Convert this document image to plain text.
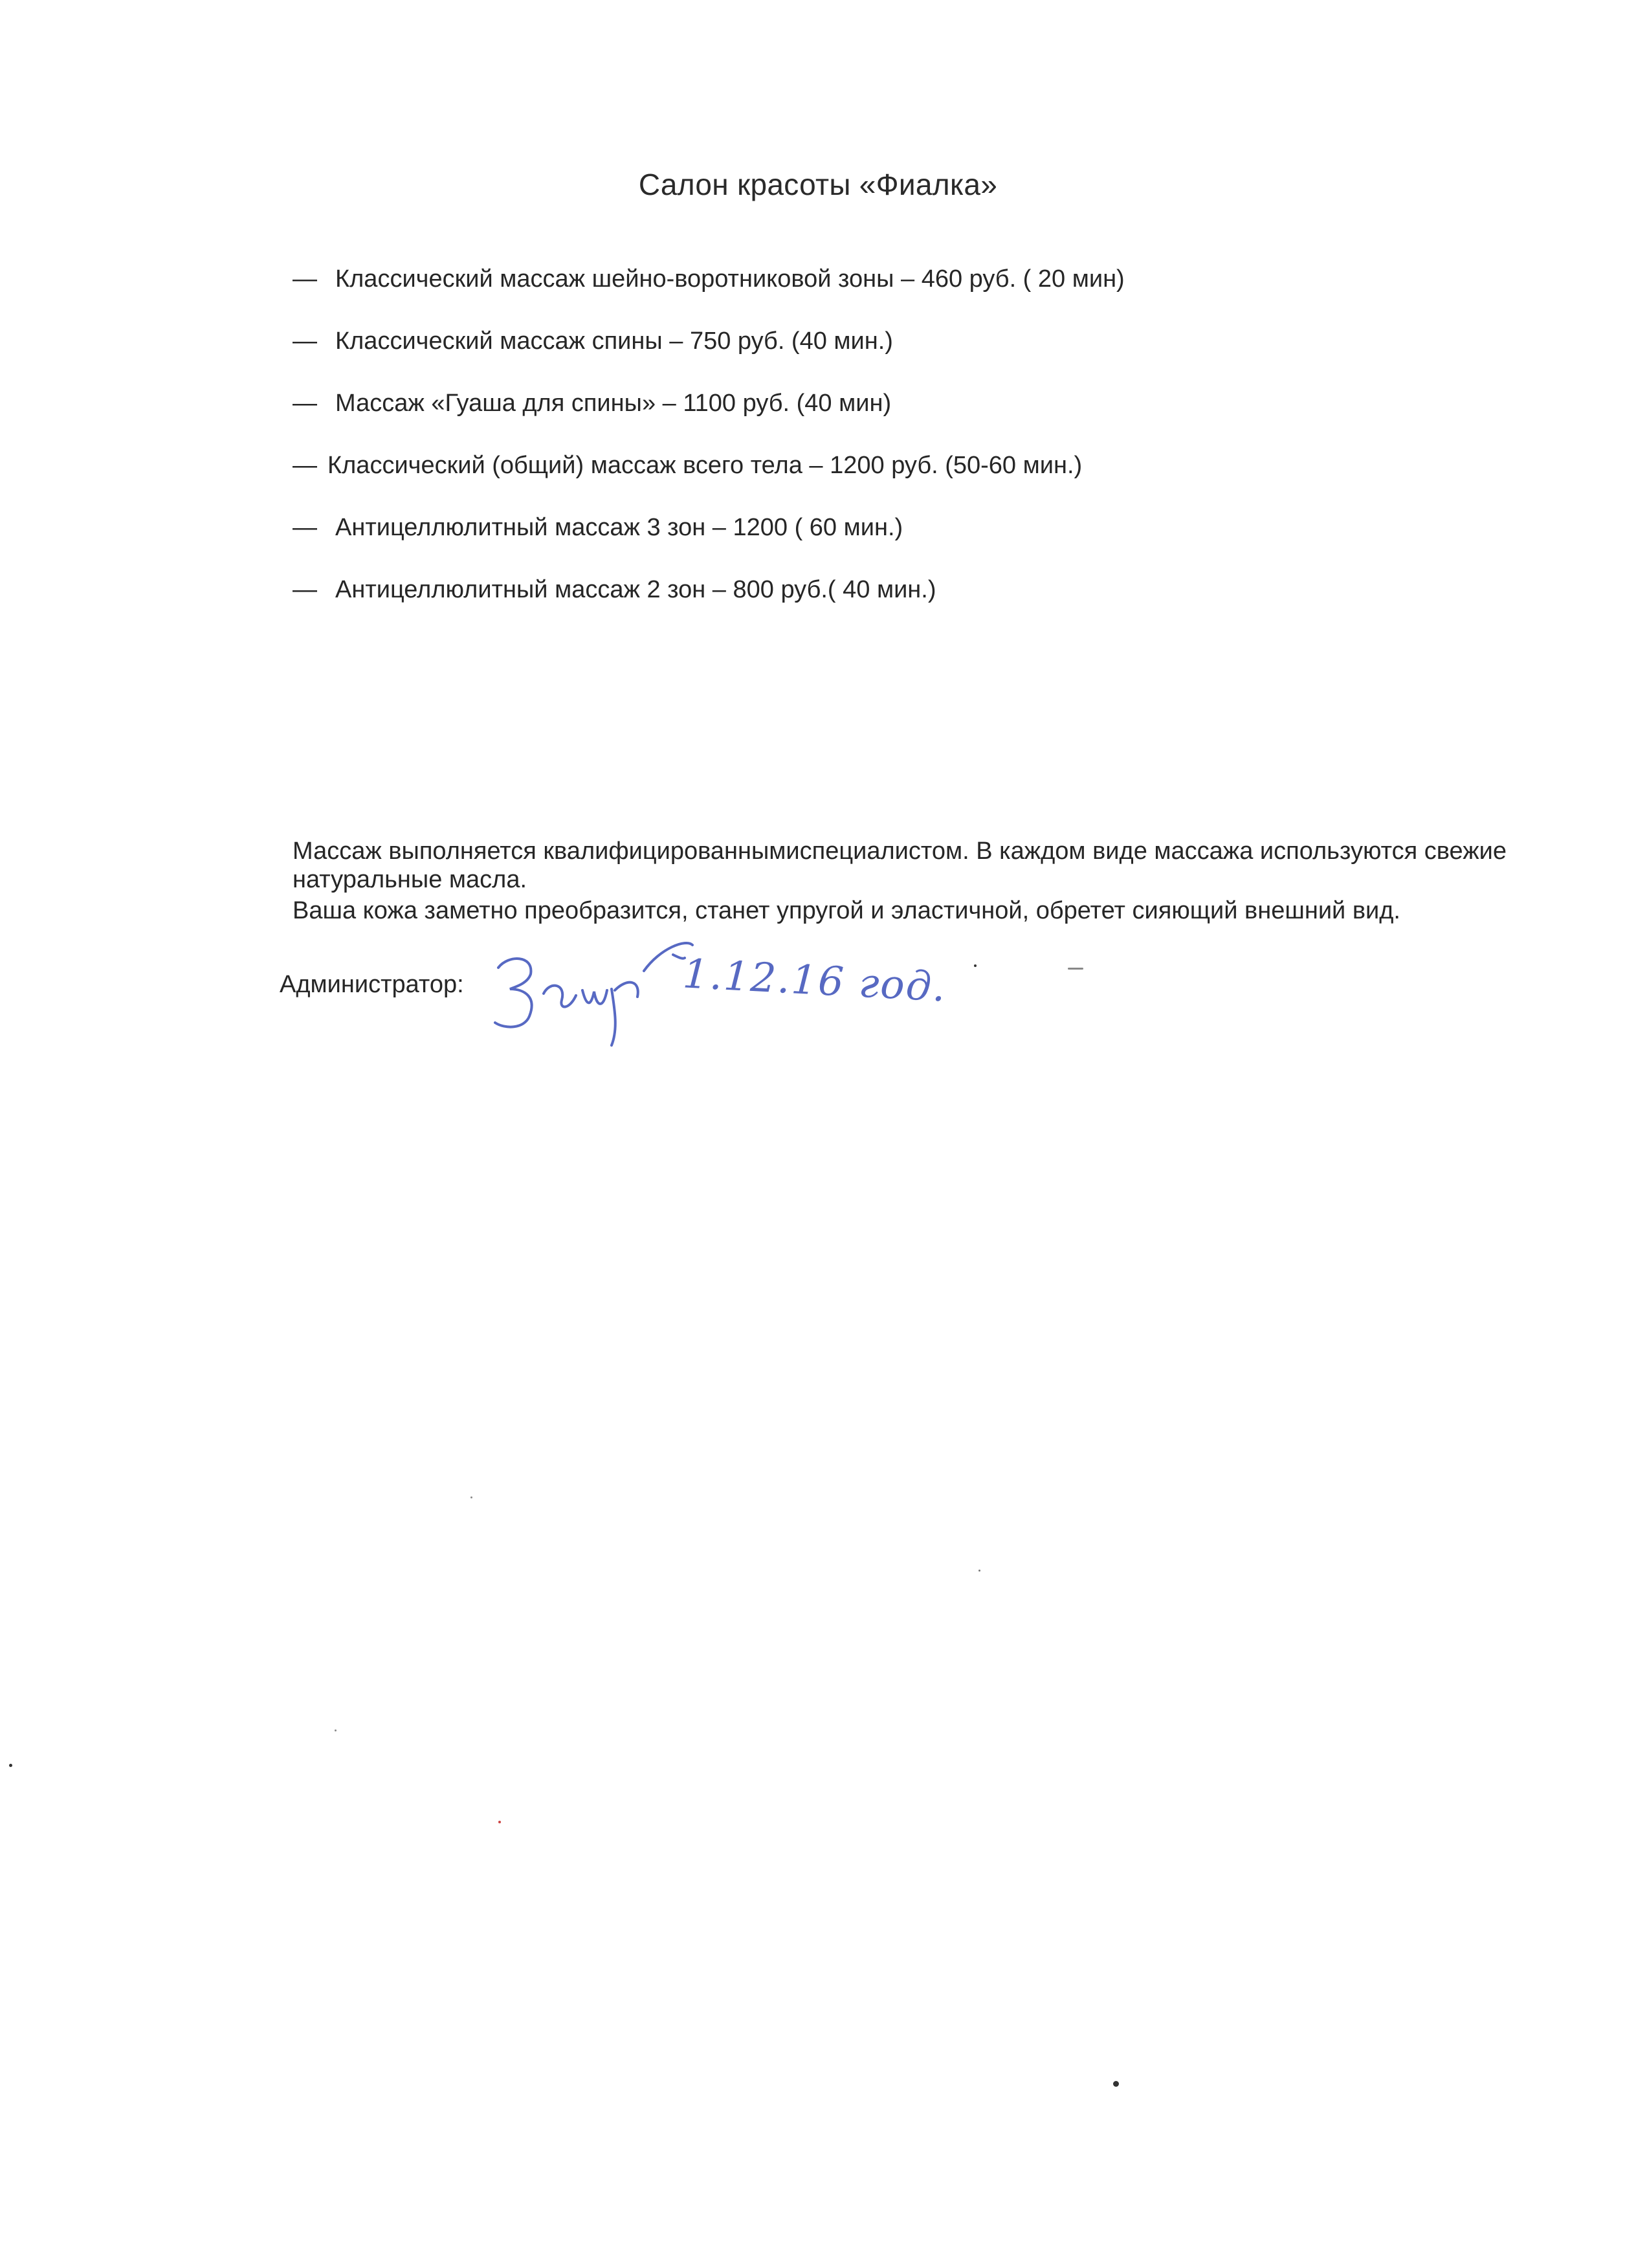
Салон красоты «Фиалка»
— Классический массаж шейно-воротниковой зоны – 460 руб. ( 20 мин)
— Классический массаж спины – 750 руб. (40 мин.)
— Массаж «Гуаша для спины» – 1100 руб. (40 мин)
— Классический (общий) массаж всего тела – 1200 руб. (50-60 мин.)
— Антицеллюлитный массаж 3 зон – 1200 ( 60 мин.)
— Антицеллюлитный массаж 2 зон – 800 руб.( 40 мин.)

Массаж выполняется квалифицированнымиспециалистом. В каждом виде массажа используются свежие натуральные масла.

Ваша кожа заметно преобразится, станет упругой и эластичной, обретет сияющий внешний вид.

Администратор:	1.12.16 год.
